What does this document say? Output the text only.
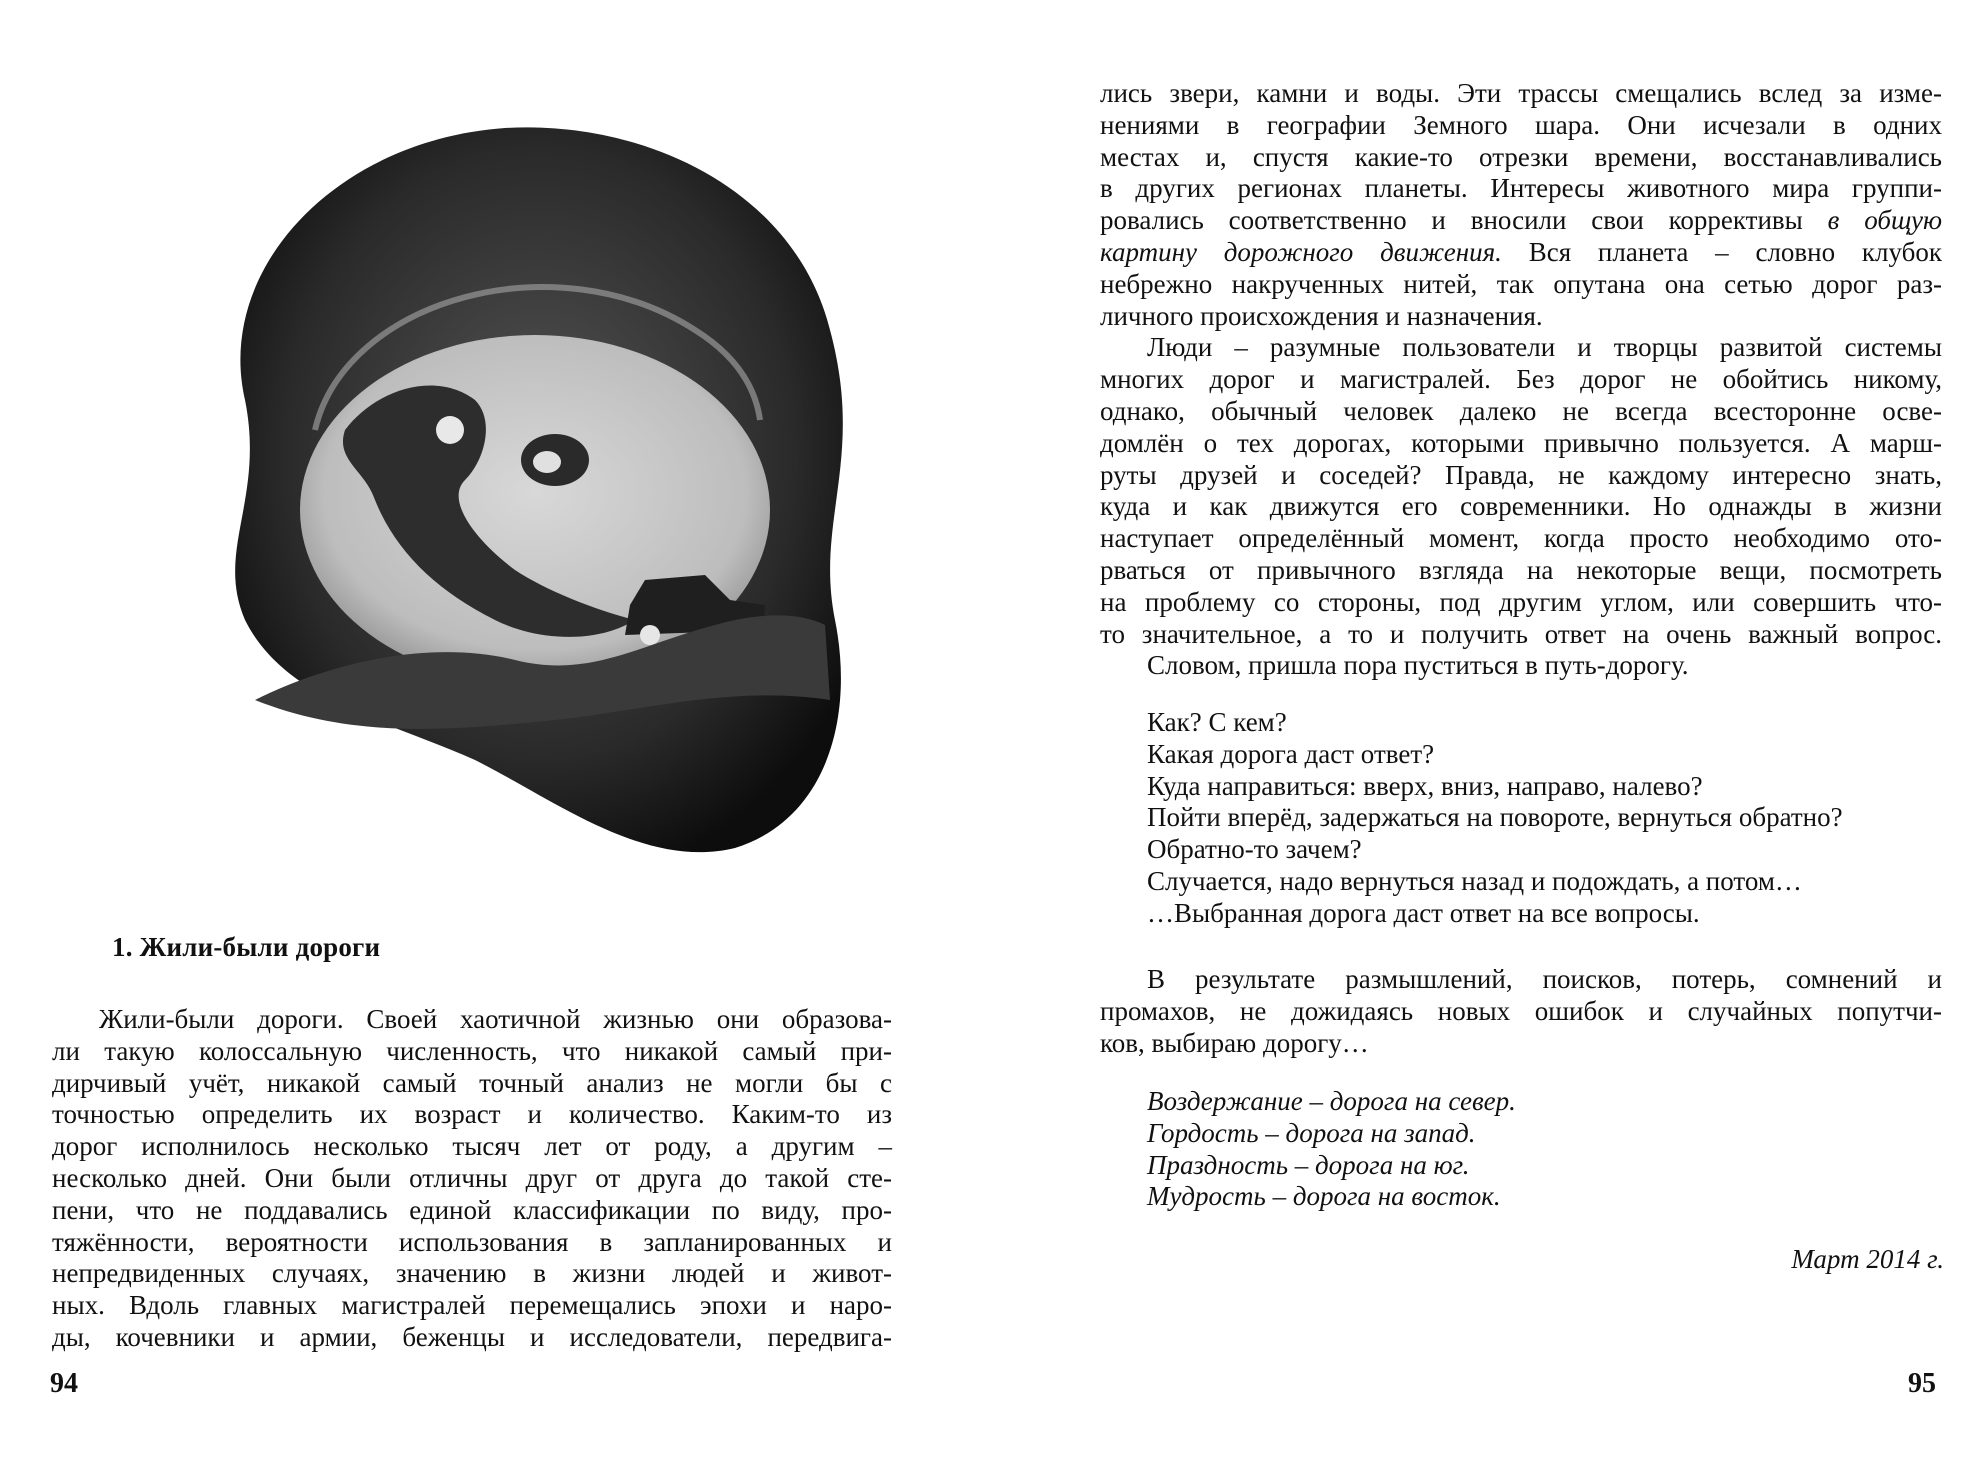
1. Жили-были дороги
Жили-были дороги. Своей хаотичной жизнью они образова-
ли такую колоссальную численность, что никакой самый при-
дирчивый учёт, никакой самый точный анализ не могли бы с
точностью определить их возраст и количество. Каким-то из
дорог исполнилось несколько тысяч лет от роду, а другим –
несколько дней. Они были отличны друг от друга до такой сте-
пени, что не поддавались единой классификации по виду, про-
тяжённости, вероятности использования в запланированных и
непредвиденных случаях, значению в жизни людей и живот-
ных. Вдоль главных магистралей перемещались эпохи и наро-
ды, кочевники и армии, беженцы и исследователи, передвига-
94
лись звери, камни и воды. Эти трассы смещались вслед за изме-
нениями в географии Земного шара. Они исчезали в одних
местах и, спустя какие-то отрезки времени, восстанавливались
в других регионах планеты. Интересы животного мира группи-
ровались соответственно и вносили свои коррективы в общую
картину дорожного движения. Вся планета – словно клубок
небрежно накрученных нитей, так опутана она сетью дорог раз-
личного происхождения и назначения.
Люди – разумные пользователи и творцы развитой системы
многих дорог и магистралей. Без дорог не обойтись никому,
однако, обычный человек далеко не всегда всесторонне осве-
домлён о тех дорогах, которыми привычно пользуется. А марш-
руты друзей и соседей? Правда, не каждому интересно знать,
куда и как движутся его современники. Но однажды в жизни
наступает определённый момент, когда просто необходимо ото-
рваться от привычного взгляда на некоторые вещи, посмотреть
на проблему со стороны, под другим углом, или совершить что-
то значительное, а то и получить ответ на очень важный вопрос.
Словом, пришла пора пуститься в путь-дорогу.
Как? С кем?
Какая дорога даст ответ?
Куда направиться: вверх, вниз, направо, налево?
Пойти вперёд, задержаться на повороте, вернуться обратно?
Обратно-то зачем?
Случается, надо вернуться назад и подождать, а потом…
…Выбранная дорога даст ответ на все вопросы.
В результате размышлений, поисков, потерь, сомнений и
промахов, не дожидаясь новых ошибок и случайных попутчи-
ков, выбираю дорогу…
Воздержание – дорога на север.
Гордость – дорога на запад.
Праздность – дорога на юг.
Мудрость – дорога на восток.
Март 2014 г.
95
